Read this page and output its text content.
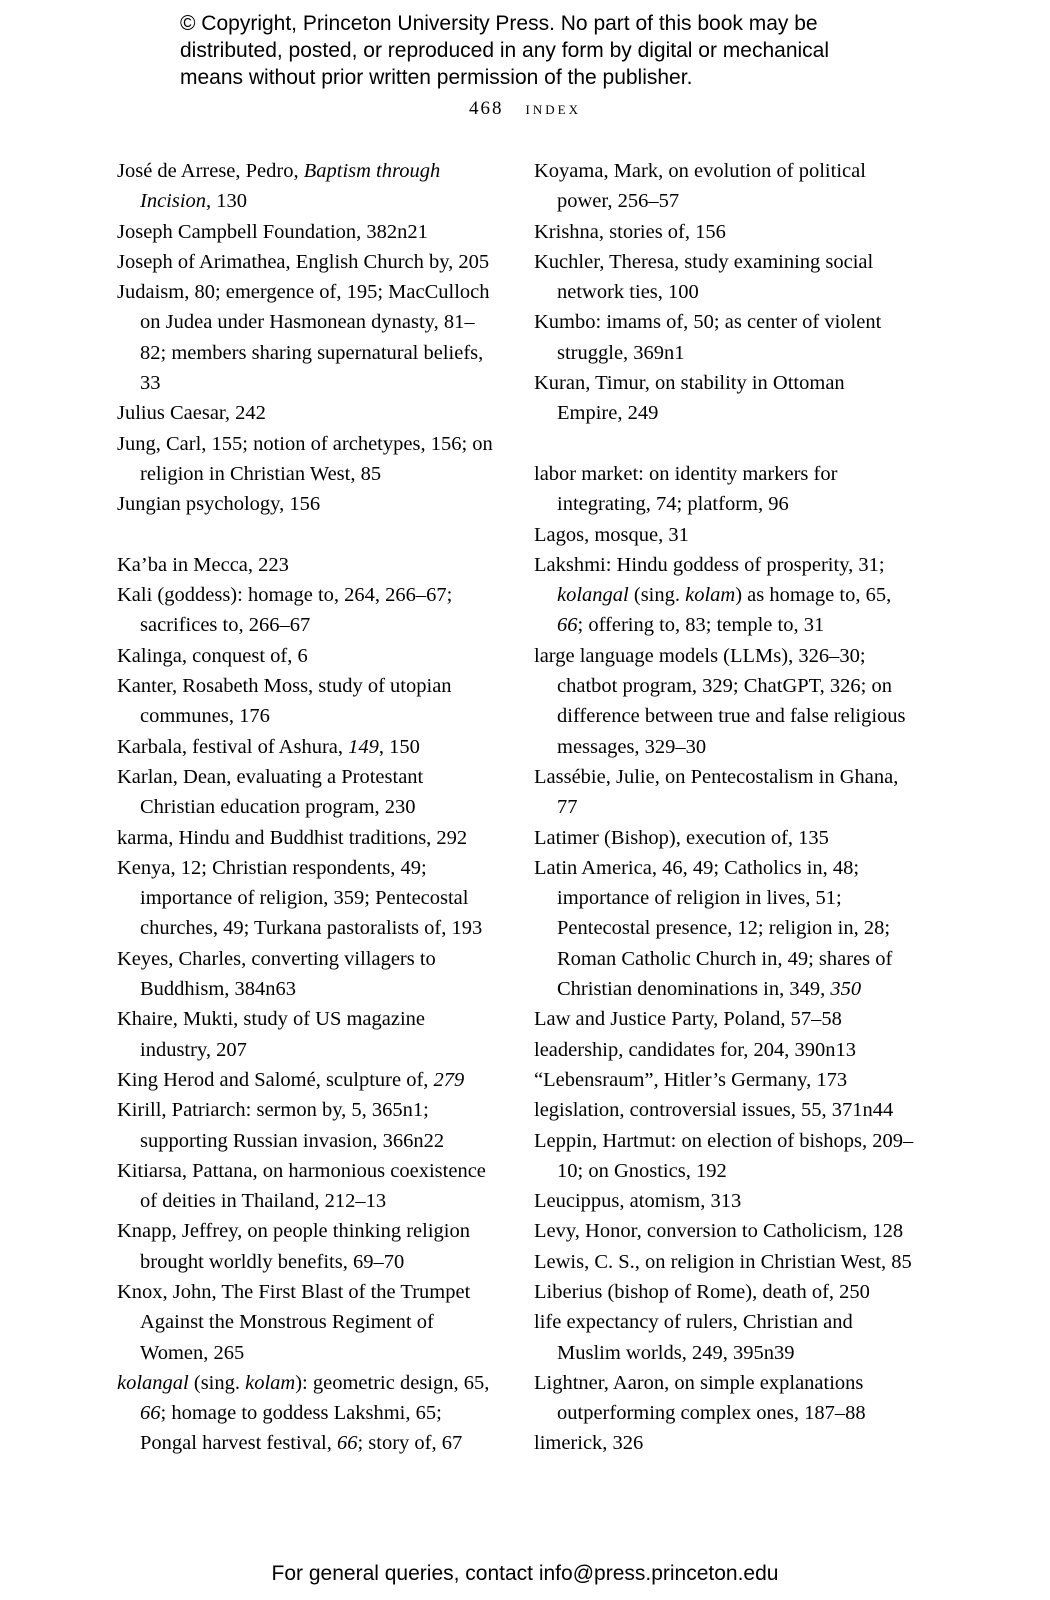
© Copyright, Princeton University Press. No part of this book may be
distributed, posted, or reproduced in any form by digital or mechanical
means without prior written permission of the publisher.
468 index
José de Arrese, Pedro, Baptism through Incision, 130
Joseph Campbell Foundation, 382n21
Joseph of Arimathea, English Church by, 205
Judaism, 80; emergence of, 195; MacCulloch on Judea under Hasmonean dynasty, 81–82; members sharing supernatural beliefs, 33
Julius Caesar, 242
Jung, Carl, 155; notion of archetypes, 156; on religion in Christian West, 85
Jungian psychology, 156
Ka’ba in Mecca, 223
Kali (goddess): homage to, 264, 266–67; sacrifices to, 266–67
Kalinga, conquest of, 6
Kanter, Rosabeth Moss, study of utopian communes, 176
Karbala, festival of Ashura, 149, 150
Karlan, Dean, evaluating a Protestant Christian education program, 230
karma, Hindu and Buddhist traditions, 292
Kenya, 12; Christian respondents, 49; importance of religion, 359; Pentecostal churches, 49; Turkana pastoralists of, 193
Keyes, Charles, converting villagers to Buddhism, 384n63
Khaire, Mukti, study of US magazine industry, 207
King Herod and Salomé, sculpture of, 279
Kirill, Patriarch: sermon by, 5, 365n1; supporting Russian invasion, 366n22
Kitiarsa, Pattana, on harmonious coexistence of deities in Thailand, 212–13
Knapp, Jeffrey, on people thinking religion brought worldly benefits, 69–70
Knox, John, The First Blast of the Trumpet Against the Monstrous Regiment of Women, 265
kolangal (sing. kolam): geometric design, 65, 66; homage to goddess Lakshmi, 65; Pongal harvest festival, 66; story of, 67
Koyama, Mark, on evolution of political power, 256–57
Krishna, stories of, 156
Kuchler, Theresa, study examining social network ties, 100
Kumbo: imams of, 50; as center of violent struggle, 369n1
Kuran, Timur, on stability in Ottoman Empire, 249
labor market: on identity markers for integrating, 74; platform, 96
Lagos, mosque, 31
Lakshmi: Hindu goddess of prosperity, 31; kolangal (sing. kolam) as homage to, 65, 66; offering to, 83; temple to, 31
large language models (LLMs), 326–30; chatbot program, 329; ChatGPT, 326; on difference between true and false religious messages, 329–30
Lassébie, Julie, on Pentecostalism in Ghana, 77
Latimer (Bishop), execution of, 135
Latin America, 46, 49; Catholics in, 48; importance of religion in lives, 51; Pentecostal presence, 12; religion in, 28; Roman Catholic Church in, 49; shares of Christian denominations in, 349, 350
Law and Justice Party, Poland, 57–58
leadership, candidates for, 204, 390n13
“Lebensraum”, Hitler’s Germany, 173
legislation, controversial issues, 55, 371n44
Leppin, Hartmut: on election of bishops, 209–10; on Gnostics, 192
Leucippus, atomism, 313
Levy, Honor, conversion to Catholicism, 128
Lewis, C. S., on religion in Christian West, 85
Liberius (bishop of Rome), death of, 250
life expectancy of rulers, Christian and Muslim worlds, 249, 395n39
Lightner, Aaron, on simple explanations outperforming complex ones, 187–88
limerick, 326
For general queries, contact info@press.princeton.edu
